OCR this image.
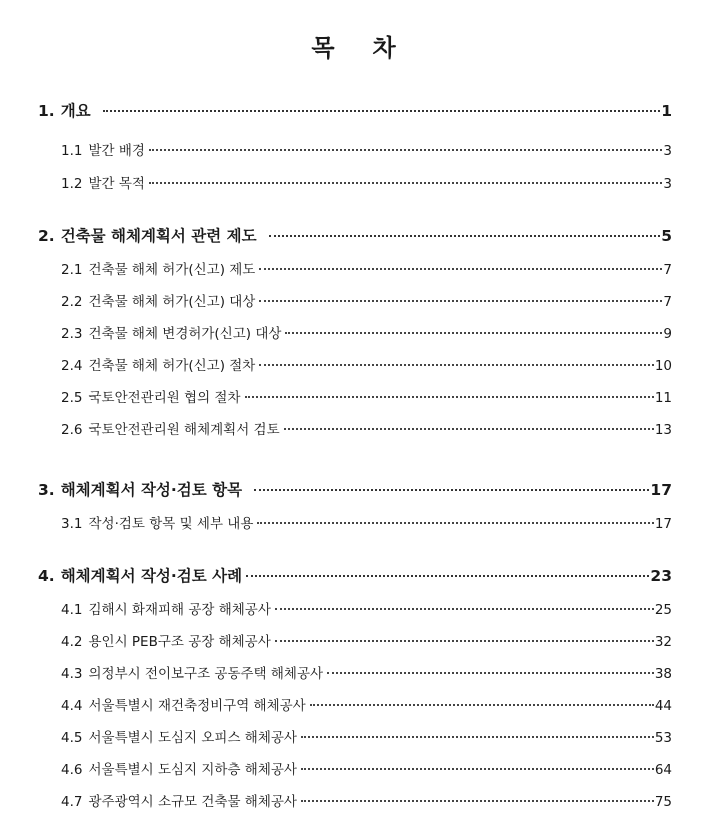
목 차
1. 개요	1
1.1 발간 배경	3
1.2 발간 목적	3
2. 건축물 해체계획서 관련 제도	5
2.1 건축물 해체 허가(신고) 제도	7
2.2 건축물 해체 허가(신고) 대상	7
2.3 건축물 해체 변경허가(신고) 대상	9
2.4 건축물 해체 허가(신고) 절차	10
2.5 국토안전관리원 협의 절차	11
2.6 국토안전관리원 해체계획서 검토	13
3. 해체계획서 작성·검토 항목	17
3.1 작성·검토 항목 및 세부 내용	17
4. 해체계획서 작성·검토 사례	23
4.1 김해시 화재피해 공장 해체공사	25
4.2 용인시 PEB구조 공장 해체공사	32
4.3 의정부시 전이보구조 공동주택 해체공사	38
4.4 서울특별시 재건축정비구역 해체공사	44
4.5 서울특별시 도심지 오피스 해체공사	53
4.6 서울특별시 도심지 지하층 해체공사	64
4.7 광주광역시 소규모 건축물 해체공사	75
